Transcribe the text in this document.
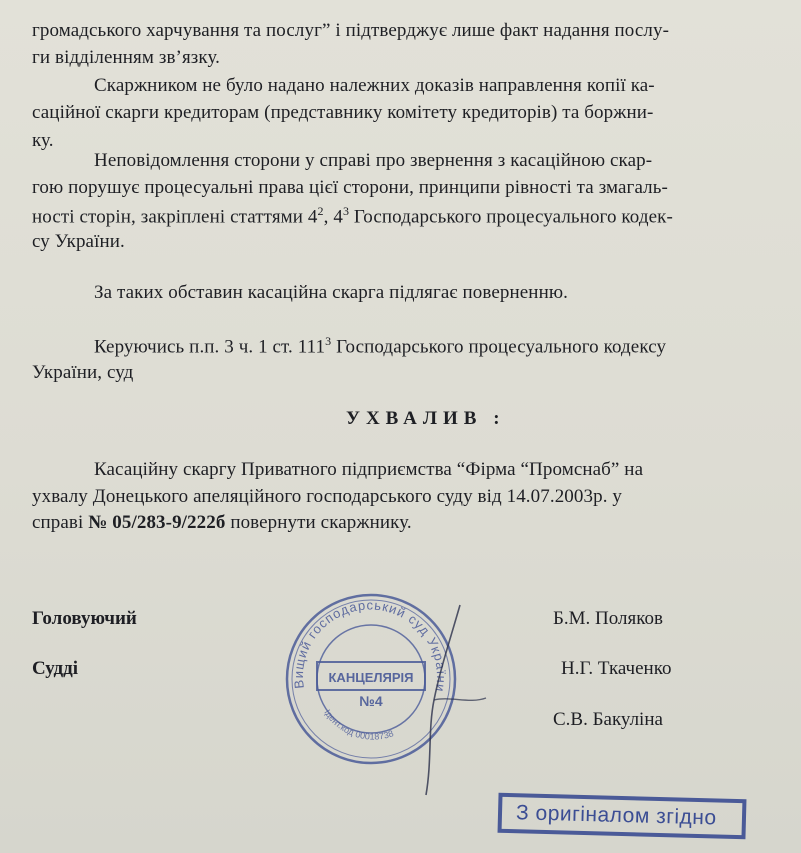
громадського харчування та послуг” і підтверджує лише факт надання послу-
ги відділенням зв’язку.
Скаржником не було надано належних доказів направлення копії ка-
саційної скарги кредиторам (представнику комітету кредиторів) та боржни-
ку.
Неповідомлення сторони у справі про звернення з касаційною скар-
гою порушує процесуальні права цієї сторони, принципи рівності та змагаль-
ності сторін, закріплені статтями $4^2$, $4^3$ Господарського процесуального кодек-
су України.
За таких обставин касаційна скарга підлягає поверненню.
Керуючись п.п. 3 ч. 1 ст. $111^3$ Господарського процесуального кодексу
України, суд
УХВАЛИВ :
Касаційну скаргу Приватного підприємства “Фірма “Промснаб” на
ухвалу Донецького апеляційного господарського суду від 14.07.2003р. у
справі № 05/283-9/222б повернути скаржнику.
Головуючий	Б.М. Поляков
Судді	Н.Г. Ткаченко
С.В. Бакуліна
Вищий господарський суд України
КАНЦЕЛЯРІЯ
№4
Ідент.код 00018738
З оригіналом згідно
